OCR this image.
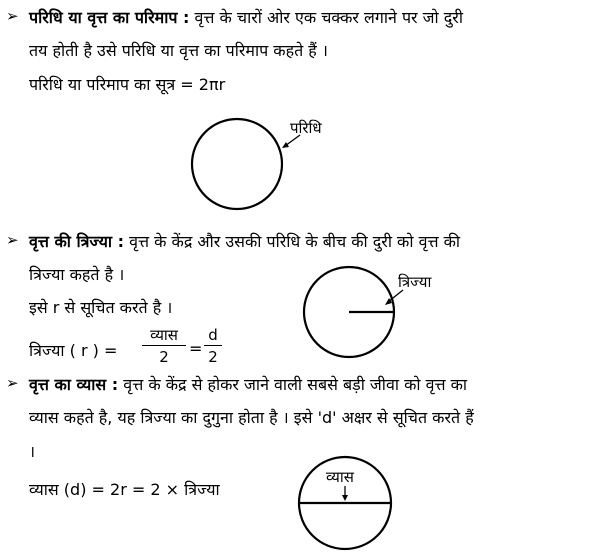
➢ परिधि या वृत्त का परिमाप : वृत्त के चारों ओर एक चक्कर लगाने पर जो दुरी
तय होती है उसे परिधि या वृत्त का परिमाप कहते हैं ।
परिधि या परिमाप का सूत्र = 2πr
परिधि
➢ वृत्त की त्रिज्या : वृत्त के केंद्र और उसकी परिधि के बीच की दुरी को वृत्त की
त्रिज्या कहते है ।
इसे r से सूचित करते है ।
त्रिज्या ( r ) =
व्यास
2	=
d
2
त्रिज्या
➢ वृत्त का व्यास : वृत्त के केंद्र से होकर जाने वाली सबसे बड़ी जीवा को वृत्त का
व्यास कहते है, यह त्रिज्या का दुगुना होता है । इसे 'd' अक्षर से सूचित करते हैं
।
व्यास (d) = 2r = 2 × त्रिज्या
व्यास
